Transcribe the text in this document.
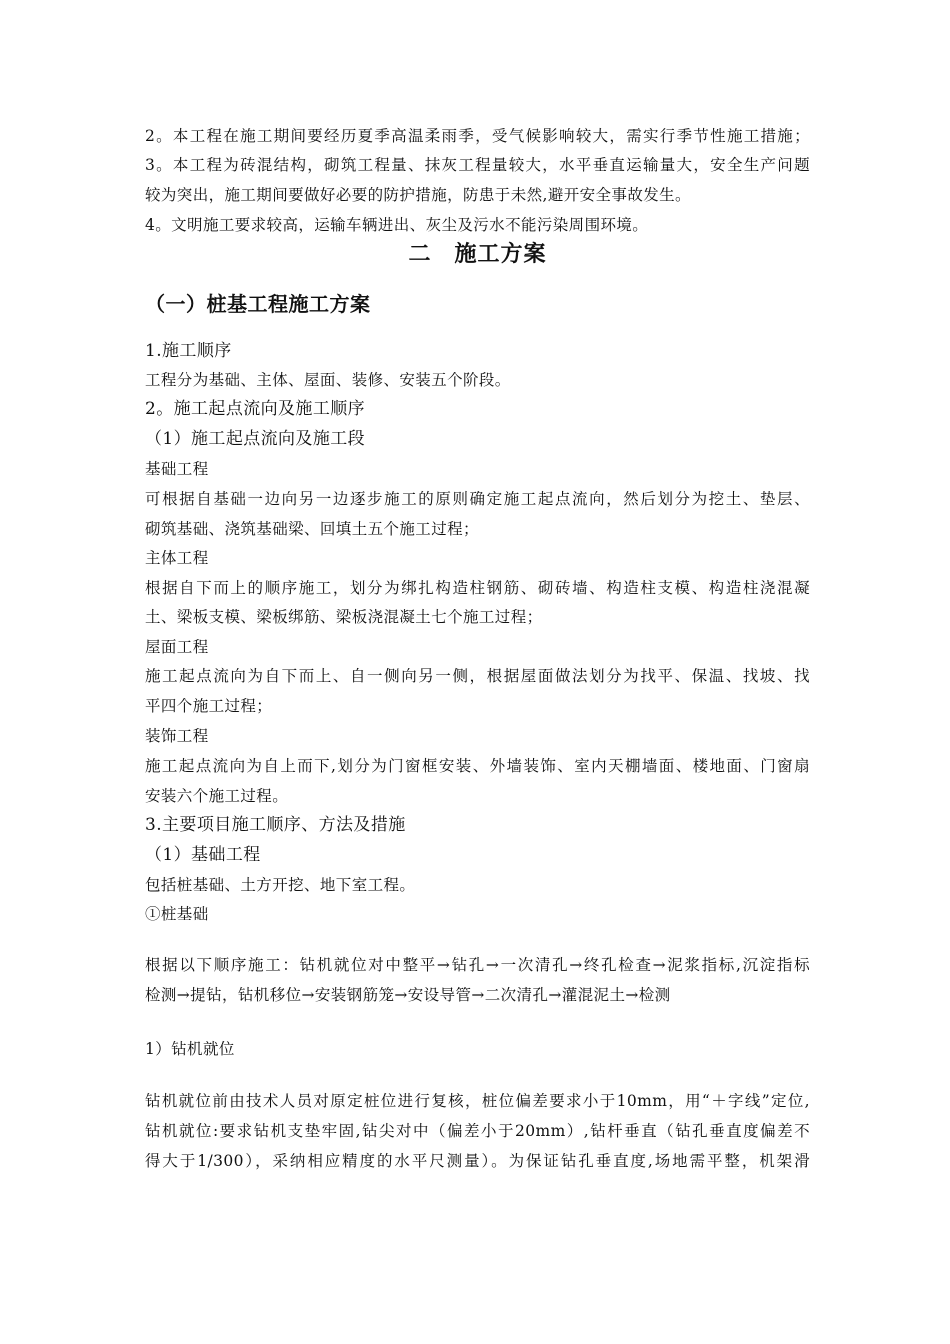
2。本工程在施工期间要经历夏季高温柔雨季，受气候影响较大，需实行季节性施工措施；
3。本工程为砖混结构，砌筑工程量、抹灰工程量较大，水平垂直运输量大，安全生产问题
较为突出，施工期间要做好必要的防护措施，防患于未然,避开安全事故发生。
4。文明施工要求较高，运输车辆进出、灰尘及污水不能污染周围环境。
二　施工方案
（一）桩基工程施工方案
1.施工顺序
工程分为基础、主体、屋面、装修、安装五个阶段。
2。施工起点流向及施工顺序
（1）施工起点流向及施工段
基础工程
可根据自基础一边向另一边逐步施工的原则确定施工起点流向，然后划分为挖土、垫层、
砌筑基础、浇筑基础梁、回填土五个施工过程；
主体工程
根据自下而上的顺序施工，划分为绑扎构造柱钢筋、砌砖墙、构造柱支模、构造柱浇混凝
土、梁板支模、梁板绑筋、梁板浇混凝土七个施工过程；
屋面工程
施工起点流向为自下而上、自一侧向另一侧，根据屋面做法划分为找平、保温、找坡、找
平四个施工过程；
装饰工程
施工起点流向为自上而下,划分为门窗框安装、外墙装饰、室内天棚墙面、楼地面、门窗扇
安装六个施工过程。
3.主要项目施工顺序、方法及措施
（1）基础工程
包括桩基础、土方开挖、地下室工程。
①桩基础
根据以下顺序施工：钻机就位对中整平→钻孔→一次清孔→终孔检查→泥浆指标,沉淀指标
检测→提钻，钻机移位→安装钢筋笼→安设导管→二次清孔→灌混泥土→检测
1）钻机就位
钻机就位前由技术人员对原定桩位进行复核，桩位偏差要求小于10mm，用“＋字线”定位,
钻机就位:要求钻机支垫牢固,钻尖对中（偏差小于20mm）,钻杆垂直（钻孔垂直度偏差不
得大于1/300），采纳相应精度的水平尺测量）。为保证钻孔垂直度,场地需平整，机架滑
